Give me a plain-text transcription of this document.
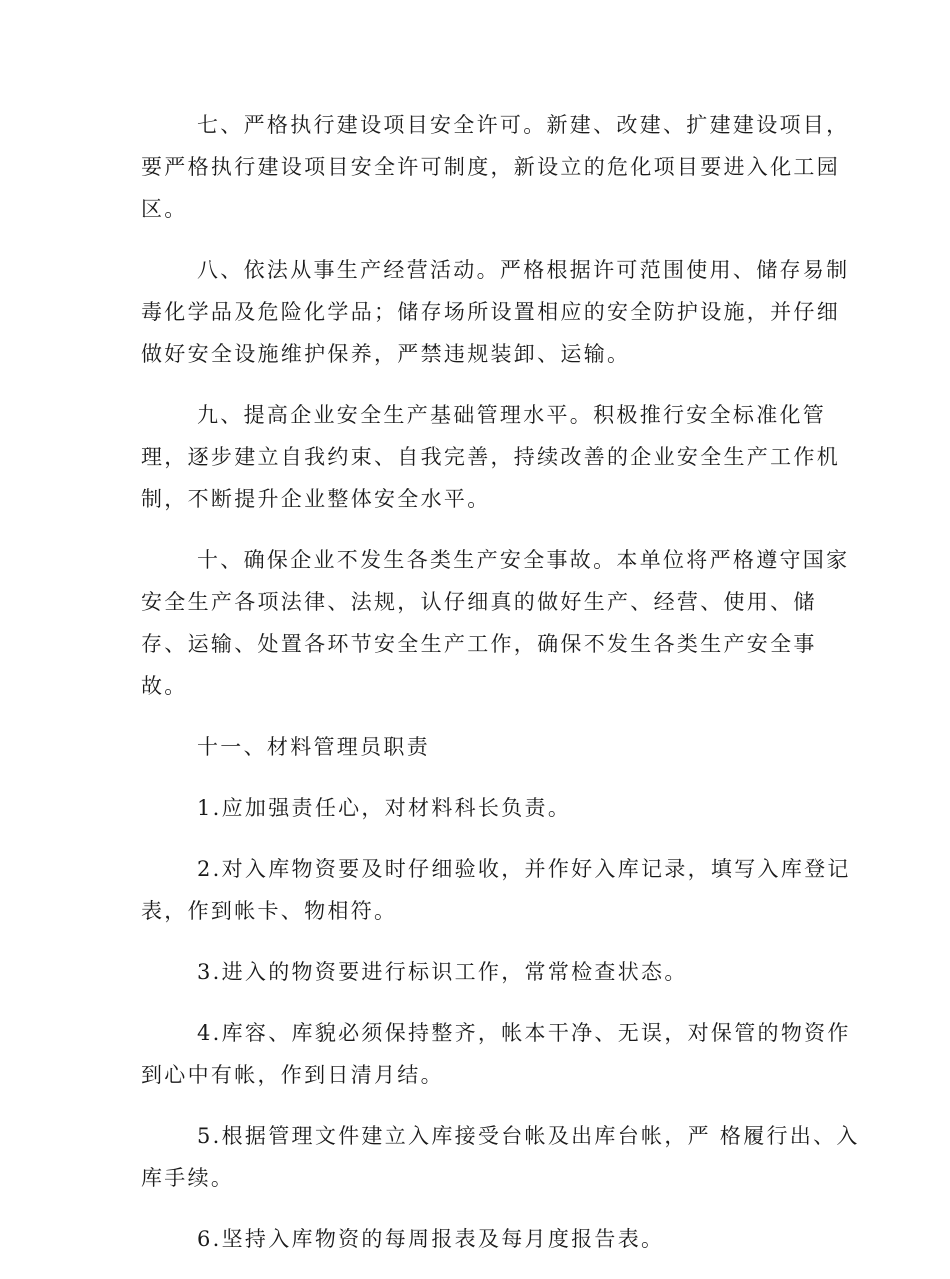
七、严格执行建设项目安全许可。新建、改建、扩建建设项目，
要严格执行建设项目安全许可制度，新设立的危化项目要进入化工园
区。

八、依法从事生产经营活动。严格根据许可范围使用、储存易制
毒化学品及危险化学品；储存场所设置相应的安全防护设施，并仔细
做好安全设施维护保养，严禁违规装卸、运输。

九、提高企业安全生产基础管理水平。积极推行安全标准化管
理，逐步建立自我约束、自我完善，持续改善的企业安全生产工作机
制，不断提升企业整体安全水平。

十、确保企业不发生各类生产安全事故。本单位将严格遵守国家
安全生产各项法律、法规，认仔细真的做好生产、经营、使用、储
存、运输、处置各环节安全生产工作，确保不发生各类生产安全事
故。

十一、材料管理员职责

1.应加强责任心，对材料科长负责。

2.对入库物资要及时仔细验收，并作好入库记录，填写入库登记
表，作到帐卡、物相符。

3.进入的物资要进行标识工作，常常检查状态。

4.库容、库貌必须保持整齐，帐本干净、无误，对保管的物资作
到心中有帐，作到日清月结。

5.根据管理文件建立入库接受台帐及出库台帐，严 格履行出、入
库手续。

6.坚持入库物资的每周报表及每月度报告表。
